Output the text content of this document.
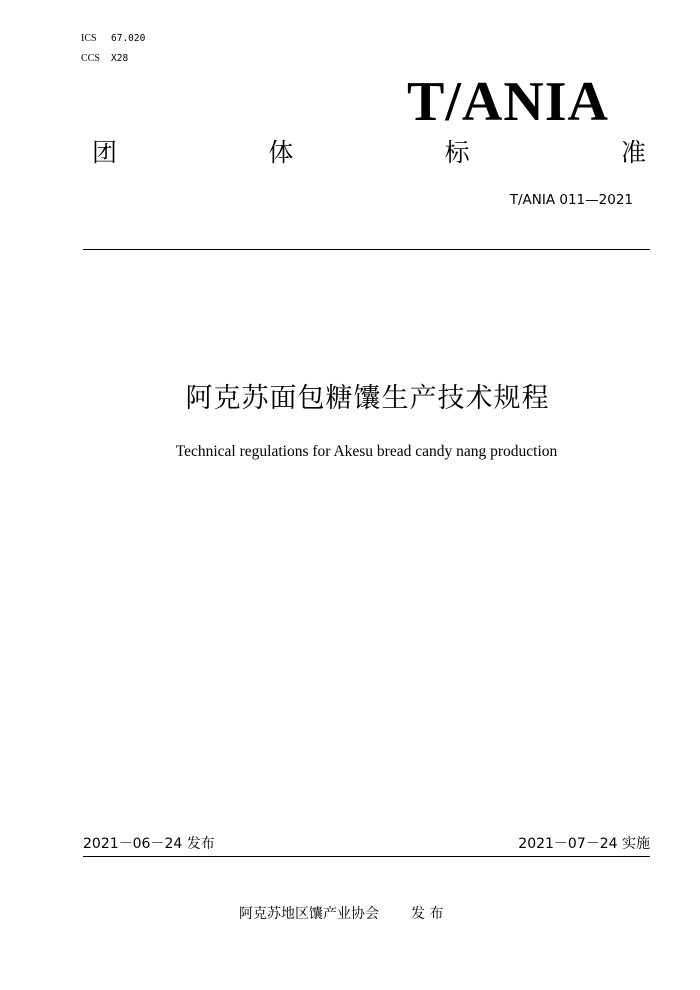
ICS 67.020
CCS X28
T/ANIA
团	体	标	准
T/ANIA 011—2021
阿克苏面包糖馕生产技术规程
Technical regulations for Akesu bread candy nang production
2021－06－24 发布	2021－07－24 实施
阿克苏地区馕产业协会 发 布
